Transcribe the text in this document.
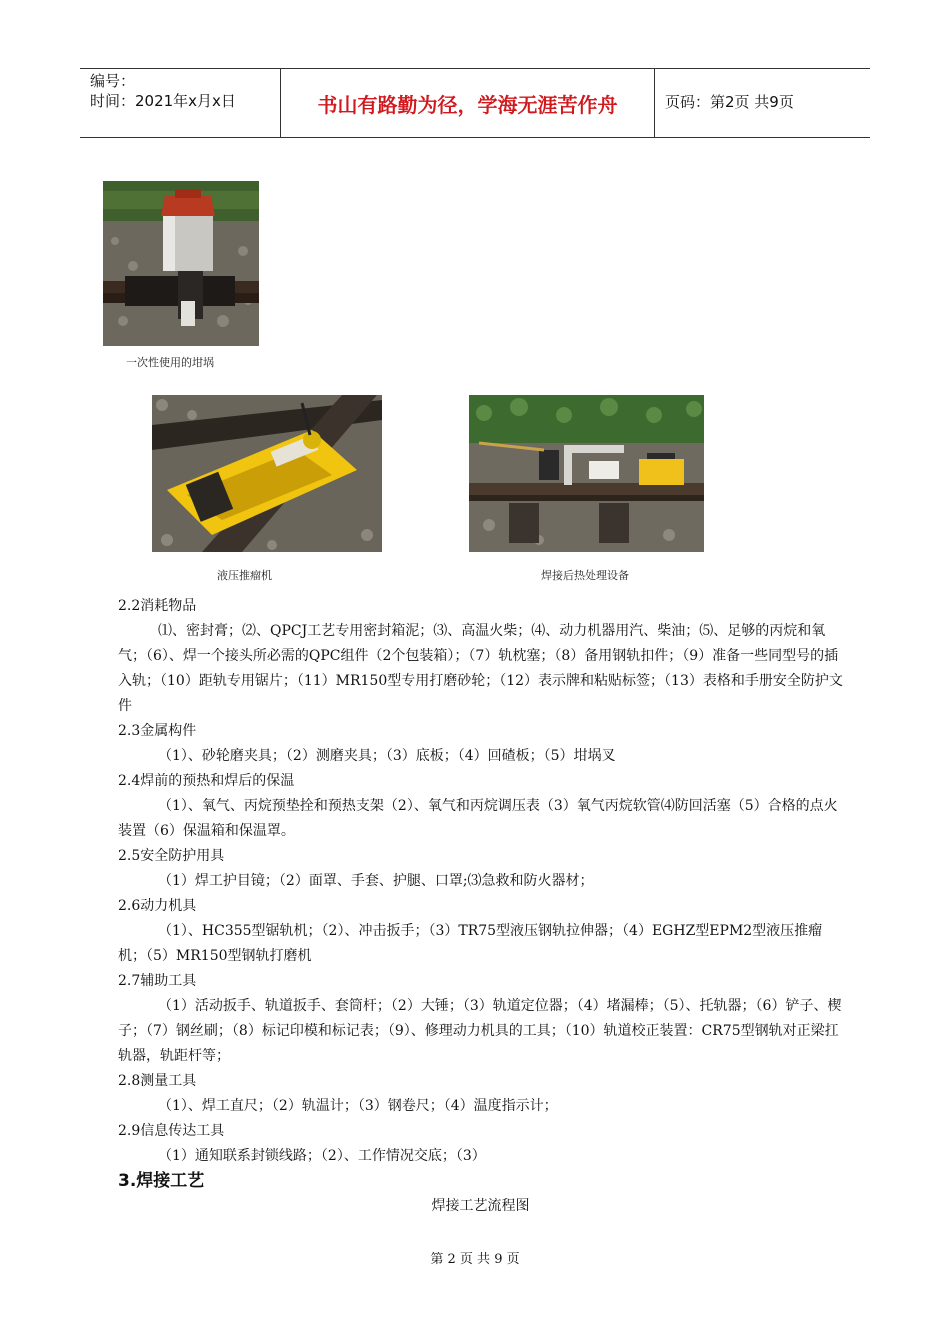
编号：
时间：2021年x月x日	书山有路勤为径，学海无涯苦作舟	页码：第2页 共9页
一次性使用的坩埚
液压推瘤机	焊接后热处理设备

2.2消耗物品

⑴、密封膏；⑵、QPCJ工艺专用密封箱泥；⑶、高温火柴；⑷、动力机器用汽、柴油；⑸、足够的丙烷和氧气；（6）、焊一个接头所必需的QPC组件（2个包装箱）；（7）轨枕塞；（8）备用钢轨扣件；（9）准备一些同型号的插入轨；（10）距轨专用锯片；（11）MR150型专用打磨砂轮；（12）表示牌和粘贴标签；（13）表格和手册安全防护文件

2.3金属构件

（1）、砂轮磨夹具；（2）测磨夹具；（3）底板；（4）回碴板；（5）坩埚叉

2.4焊前的预热和焊后的保温

（1）、氧气、丙烷预垫拴和预热支架（2）、氧气和丙烷调压表（3）氧气丙烷软管⑷防回活塞（5）合格的点火装置（6）保温箱和保温罩。

2.5安全防护用具

（1）焊工护目镜；（2）面罩、手套、护腿、口罩;⑶急救和防火器材；

2.6动力机具

（1）、HC355型锯轨机；（2）、冲击扳手；（3）TR75型液压钢轨拉伸器；（4）EGHZ型EPM2型液压推瘤机；（5）MR150型钢轨打磨机

2.7辅助工具

（1）活动扳手、轨道扳手、套筒杆；（2）大锤；（3）轨道定位器；（4）堵漏棒；（5）、托轨器；（6）铲子、楔子；（7）钢丝刷；（8）标记印模和标记表；（9）、修理动力机具的工具；（10）轨道校正装置：CR75型钢轨对正梁扛轨器，轨距杆等；

2.8测量工具

（1）、焊工直尺；（2）轨温计；（3）钢卷尺；（4）温度指示计；

2.9信息传达工具

（1）通知联系封锁线路；（2）、工作情况交底；（3）

3.焊接工艺

焊接工艺流程图

第 2 页 共 9 页
